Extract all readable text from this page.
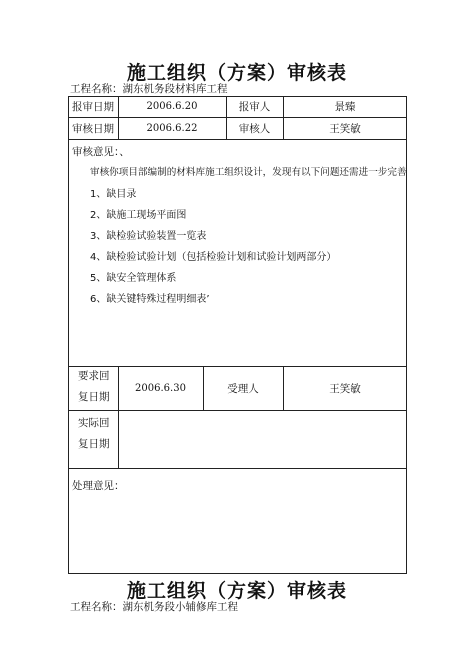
施工组织（方案）审核表
工程名称：湖东机务段材料库工程
报审日期	2006.6.20	报审人	景臻
审核日期	2006.6.22	审核人	王笑敏
审核意见：、
审核你项目部编制的材料库施工组织设计，发现有以下问题还需进一步完善
1、缺目录
2、缺施工现场平面图
3、缺检验试验装置一览表
4、缺检验试验计划（包括检验计划和试验计划两部分）
5、缺安全管理体系
6、缺关键特殊过程明细表’
要求回
复日期
2006.6.30	受理人	王笑敏
实际回
复日期
处理意见：
施工组织（方案）审核表
工程名称：湖东机务段小辅修库工程
